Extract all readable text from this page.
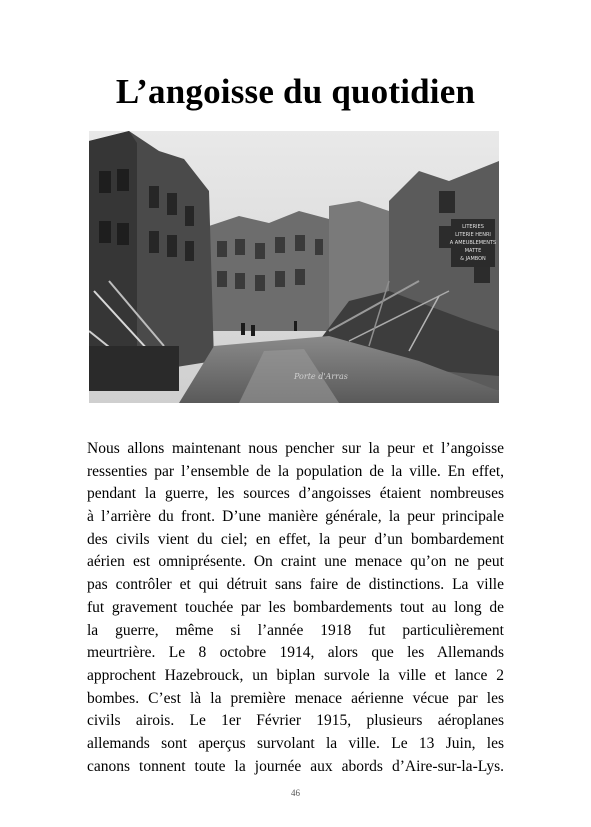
L’angoisse du quotidien
LITERIES
LITERIE HENRI
A AMEUBLEMENTS
MATTE
& JAMBON
Porte d'Arras
Nous allons maintenant nous pencher sur la peur et l’angoisse
ressenties par l’ensemble de la population de la ville. En effet,
pendant la guerre, les sources d’angoisses étaient nombreuses
à l’arrière du front. D’une manière générale, la peur principale
des civils vient du ciel; en effet, la peur d’un bombardement
aérien est omniprésente. On craint une menace qu’on ne peut
pas contrôler et qui détruit sans faire de distinctions. La ville
fut gravement touchée par les bombardements tout au long de
la guerre, même si l’année 1918 fut particulièrement
meurtrière. Le 8 octobre 1914, alors que les Allemands
approchent Hazebrouck, un biplan survole la ville et lance 2
bombes. C’est là la première menace aérienne vécue par les
civils airois. Le 1er Février 1915, plusieurs aéroplanes
allemands sont aperçus survolant la ville. Le 13 Juin, les
canons tonnent toute la journée aux abords d’Aire-sur-la-Lys.
46
